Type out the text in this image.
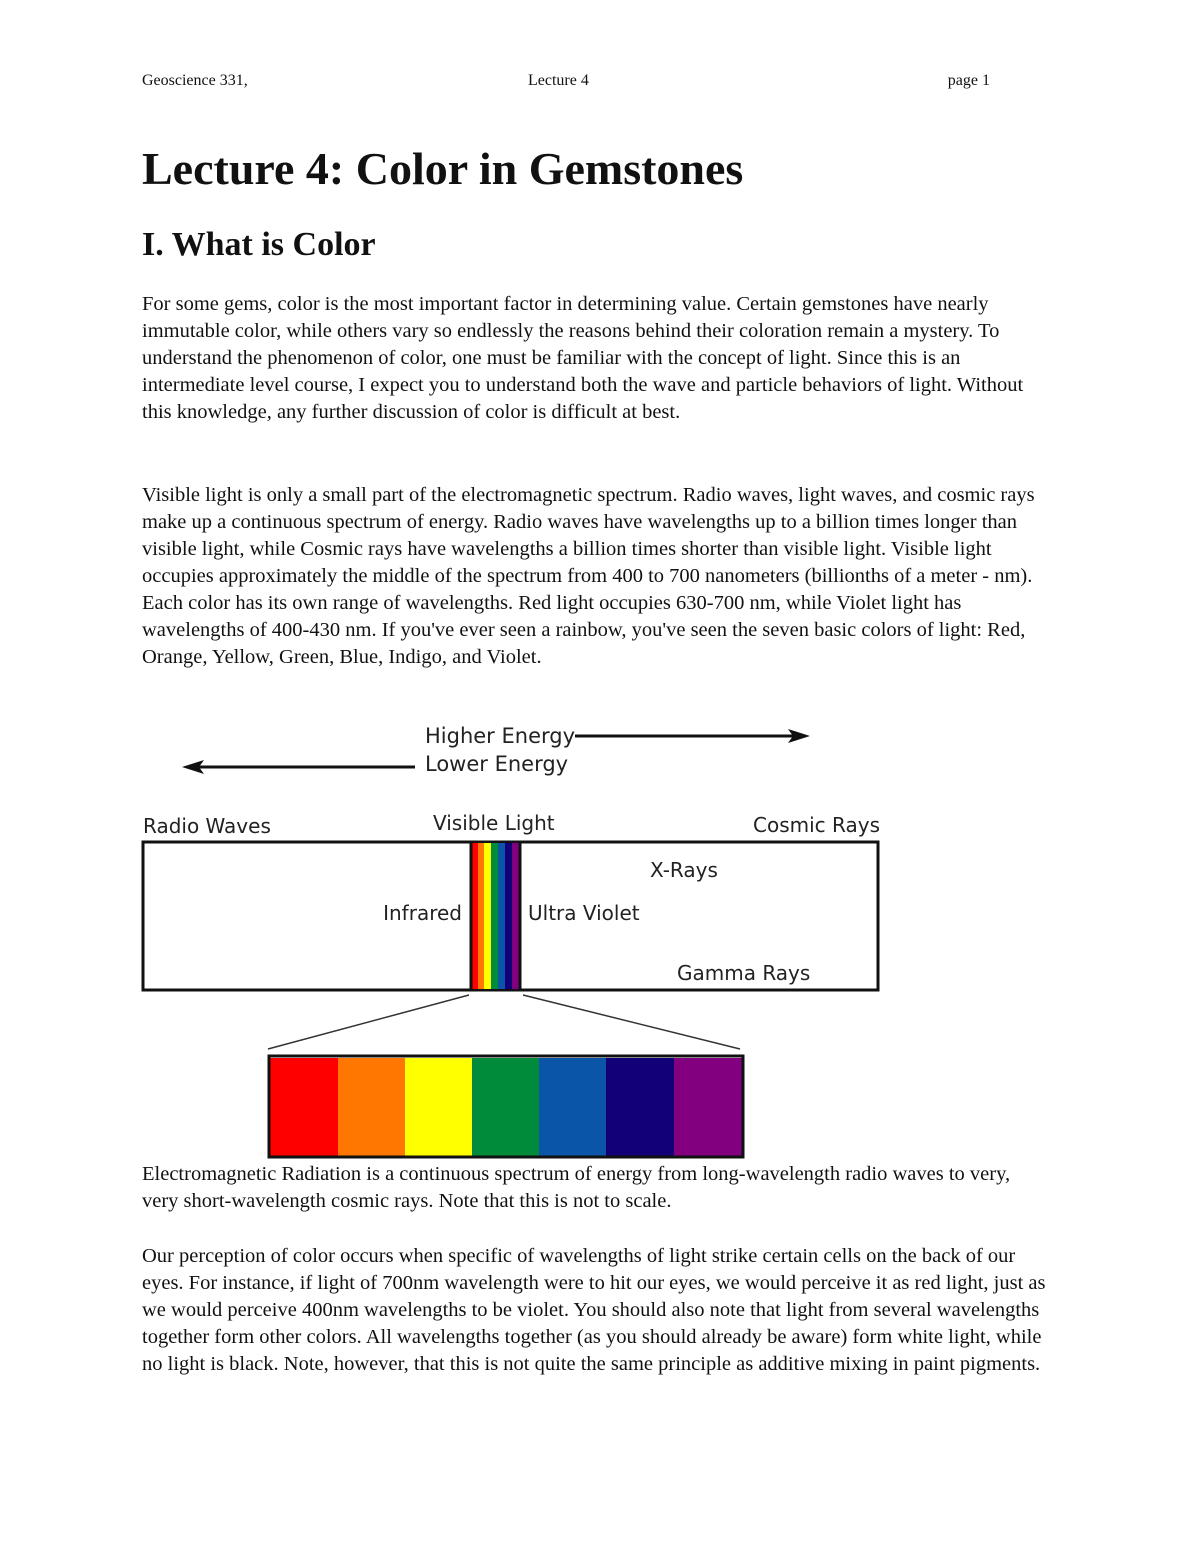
Geoscience 331,	Lecture 4	page 1
Lecture 4: Color in Gemstones
I. What is Color

For some gems, color is the most important factor in determining value. Certain gemstones have nearly immutable color, while others vary so endlessly the reasons behind their coloration remain a mystery. To understand the phenomenon of color, one must be familiar with the concept of light. Since this is an intermediate level course, I expect you to understand both the wave and particle behaviors of light. Without this knowledge, any further discussion of color is difficult at best.

Visible light is only a small part of the electromagnetic spectrum. Radio waves, light waves, and cosmic rays make up a continuous spectrum of energy. Radio waves have wavelengths up to a billion times longer than visible light, while Cosmic rays have wavelengths a billion times shorter than visible light. Visible light occupies approximately the middle of the spectrum from 400 to 700 nanometers (billionths of a meter - nm). Each color has its own range of wavelengths. Red light occupies 630-700 nm, while Violet light has wavelengths of 400-430 nm. If you've ever seen a rainbow, you've seen the seven basic colors of light: Red, Orange, Yellow, Green, Blue, Indigo, and Violet.

Higher Energy
Lower Energy
Radio Waves	Visible Light	Cosmic Rays
Infrared	Ultra Violet
X-Rays
Gamma Rays

Electromagnetic Radiation is a continuous spectrum of energy from long-wavelength radio waves to very, very short-wavelength cosmic rays. Note that this is not to scale.

Our perception of color occurs when specific of wavelengths of light strike certain cells on the back of our eyes. For instance, if light of 700nm wavelength were to hit our eyes, we would perceive it as red light, just as we would perceive 400nm wavelengths to be violet. You should also note that light from several wavelengths together form other colors. All wavelengths together (as you should already be aware) form white light, while no light is black. Note, however, that this is not quite the same principle as additive mixing in paint pigments.
